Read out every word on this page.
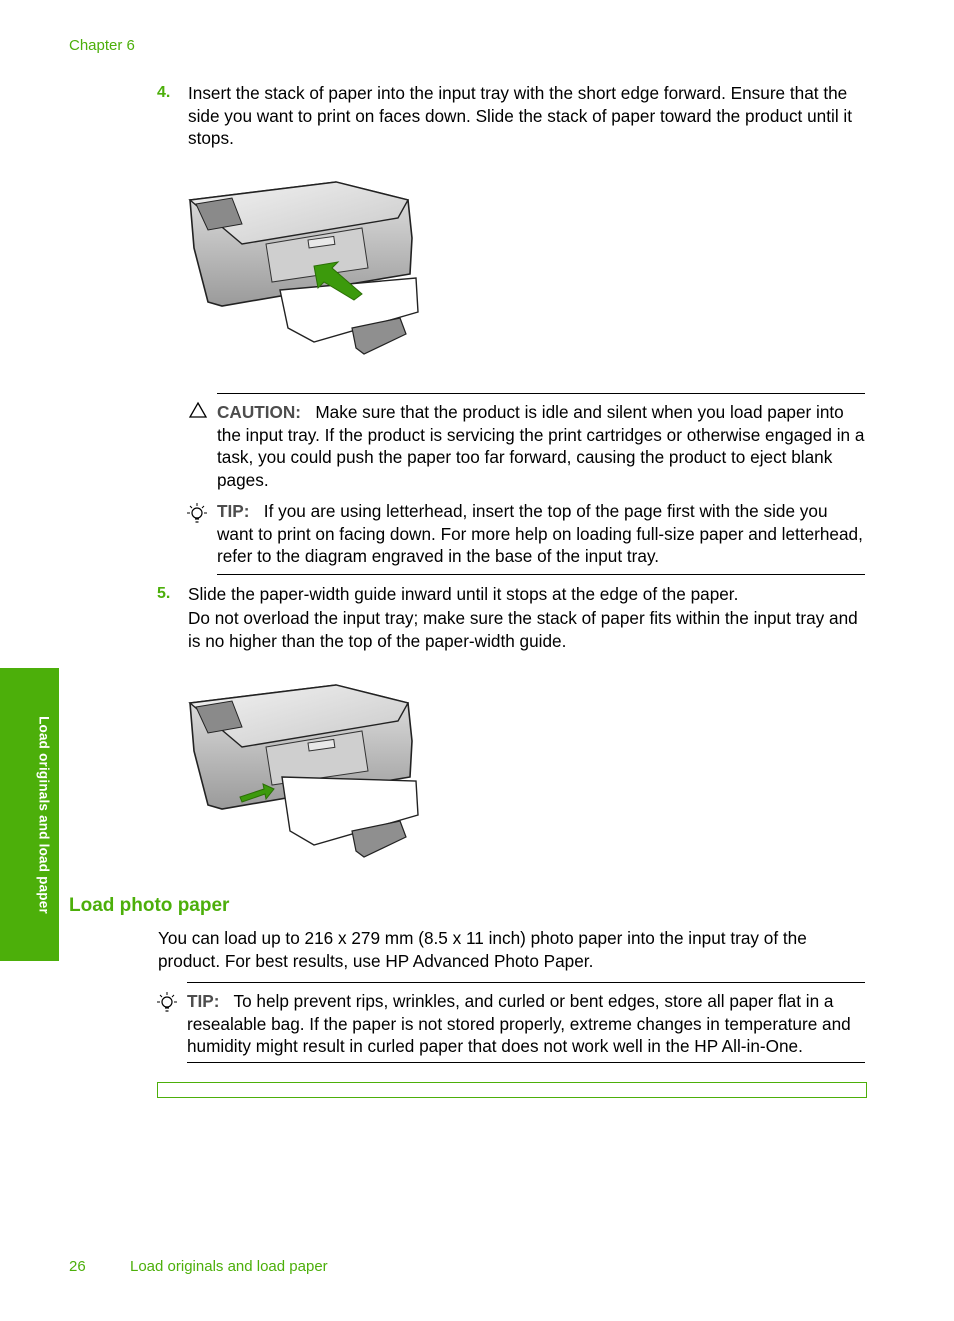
Chapter 6
4. Insert the stack of paper into the input tray with the short edge forward. Ensure that the side you want to print on faces down. Slide the stack of paper toward the product until it stops.
CAUTION: Make sure that the product is idle and silent when you load paper into the input tray. If the product is servicing the print cartridges or otherwise engaged in a task, you could push the paper too far forward, causing the product to eject blank pages.
TIP: If you are using letterhead, insert the top of the page first with the side you want to print on facing down. For more help on loading full-size paper and letterhead, refer to the diagram engraved in the base of the input tray.
5. Slide the paper-width guide inward until it stops at the edge of the paper.
Do not overload the input tray; make sure the stack of paper fits within the input tray and is no higher than the top of the paper-width guide.
Load originals and load paper Load photo paper
You can load up to 216 x 279 mm (8.5 x 11 inch) photo paper into the input tray of the product. For best results, use HP Advanced Photo Paper.
TIP: To help prevent rips, wrinkles, and curled or bent edges, store all paper flat in a resealable bag. If the paper is not stored properly, extreme changes in temperature and humidity might result in curled paper that does not work well in the HP All-in-One.
26	Load originals and load paper
